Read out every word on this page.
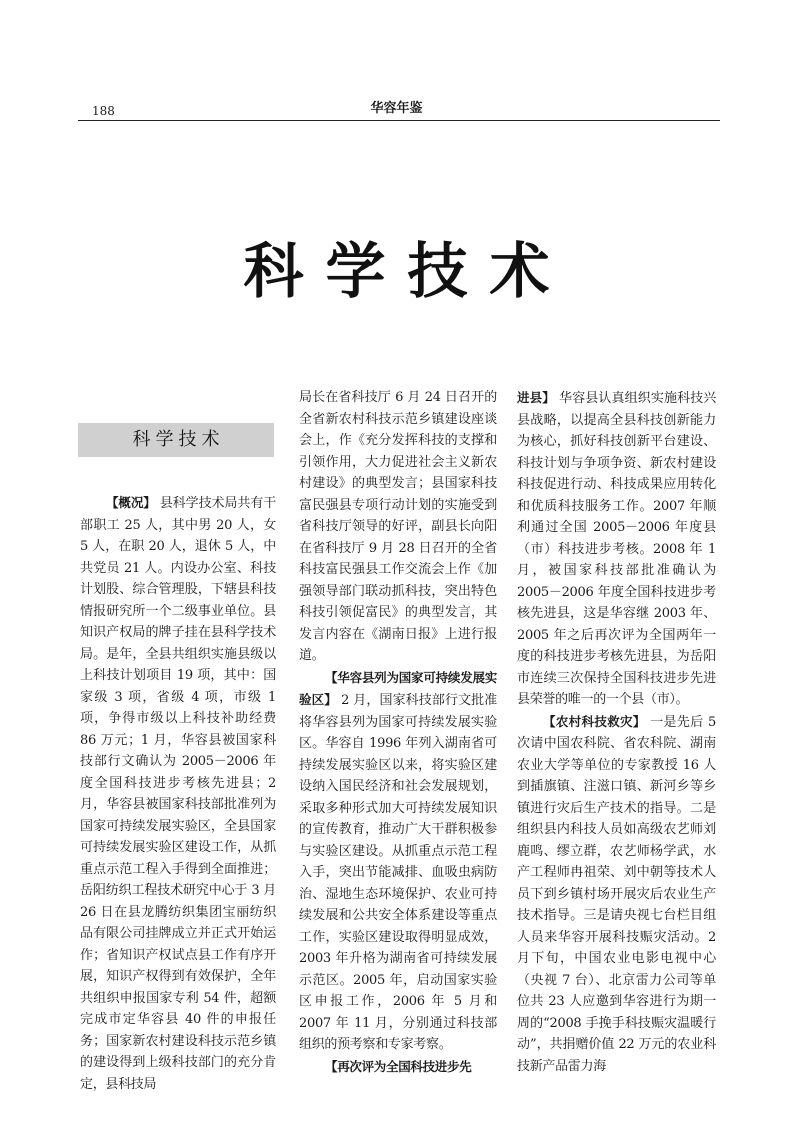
188	华容年鉴

科学技术
科学技术

【概况】 县科学技术局共有干部职工 25 人，其中男 20 人，女 5 人，在职 20 人，退休 5 人，中共党员 21 人。内设办公室、科技计划股、综合管理股，下辖县科技情报研究所一个二级事业单位。县知识产权局的牌子挂在县科学技术局。是年，全县共组织实施县级以上科技计划项目 19 项，其中：国家级 3 项，省级 4 项，市级 1 项，争得市级以上科技补助经费 86 万元；1 月，华容县被国家科技部行文确认为 2005－2006 年度全国科技进步考核先进县；2 月，华容县被国家科技部批准列为国家可持续发展实验区，全县国家可持续发展实验区建设工作，从抓重点示范工程入手得到全面推进；岳阳纺织工程技术研究中心于 3 月 26 日在县龙腾纺织集团宝丽纺织品有限公司挂牌成立并正式开始运作；省知识产权试点县工作有序开展，知识产权得到有效保护，全年共组织申报国家专利 54 件，超额完成市定华容县 40 件的申报任务；国家新农村建设科技示范乡镇的建设得到上级科技部门的充分肯定，县科技局

局长在省科技厅 6 月 24 日召开的全省新农村科技示范乡镇建设座谈会上，作《充分发挥科技的支撑和引领作用，大力促进社会主义新农村建设》的典型发言；县国家科技富民强县专项行动计划的实施受到省科技厅领导的好评，副县长向阳在省科技厅 9 月 28 日召开的全省科技富民强县工作交流会上作《加强领导部门联动抓科技，突出特色科技引领促富民》的典型发言，其发言内容在《湖南日报》上进行报道。

【华容县列为国家可持续发展实验区】 2 月，国家科技部行文批准将华容县列为国家可持续发展实验区。华容自 1996 年列入湖南省可持续发展实验区以来，将实验区建设纳入国民经济和社会发展规划，采取多种形式加大可持续发展知识的宣传教育，推动广大干群积极参与实验区建设。从抓重点示范工程入手，突出节能减排、血吸虫病防治、湿地生态环境保护、农业可持续发展和公共安全体系建设等重点工作，实验区建设取得明显成效，2003 年升格为湖南省可持续发展示范区。2005 年，启动国家实验区申报工作，2006 年 5 月和 2007 年 11 月，分别通过科技部组织的预考察和专家考察。

【再次评为全国科技进步先

进县】 华容县认真组织实施科技兴县战略，以提高全县科技创新能力为核心，抓好科技创新平台建设、科技计划与争项争资、新农村建设科技促进行动、科技成果应用转化和优质科技服务工作。2007 年顺利通过全国 2005－2006 年度县（市）科技进步考核。2008 年 1 月，被国家科技部批准确认为 2005－2006 年度全国科技进步考核先进县，这是华容继 2003 年、2005 年之后再次评为全国两年一度的科技进步考核先进县，为岳阳市连续三次保持全国科技进步先进县荣誉的唯一的一个县（市）。

【农村科技救灾】 一是先后 5 次请中国农科院、省农科院、湖南农业大学等单位的专家教授 16 人到插旗镇、注滋口镇、新河乡等乡镇进行灾后生产技术的指导。二是组织县内科技人员如高级农艺师刘鹿鸣、缪立群，农艺师杨学武，水产工程师冉祖荣、刘中朝等技术人员下到乡镇村场开展灾后农业生产技术指导。三是请央视七台栏目组人员来华容开展科技赈灾活动。2 月下旬，中国农业电影电视中心（央视 7 台）、北京雷力公司等单位共 23 人应邀到华容进行为期一周的“2008 手挽手科技赈灾温暖行动”，共捐赠价值 22 万元的农业科技新产品雷力海
